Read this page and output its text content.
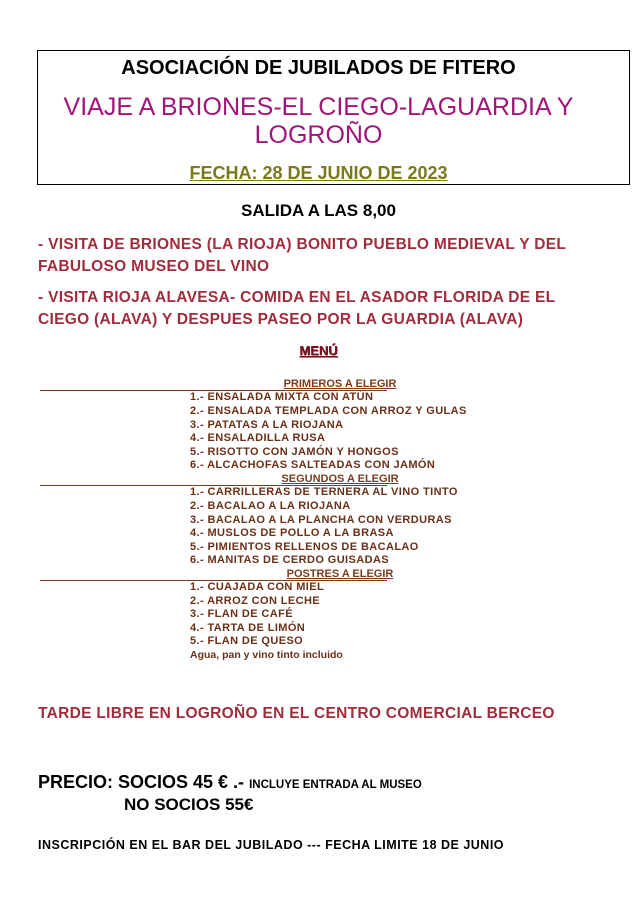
ASOCIACIÓN DE JUBILADOS DE FITERO
VIAJE A BRIONES-EL CIEGO-LAGUARDIA Y
LOGROÑO
FECHA: 28 DE JUNIO DE 2023
SALIDA A LAS 8,00
- VISITA DE BRIONES (LA RIOJA) BONITO PUEBLO MEDIEVAL Y DEL FABULOSO MUSEO DEL VINO
- VISITA RIOJA ALAVESA- COMIDA EN EL ASADOR FLORIDA DE EL CIEGO (ALAVA) Y DESPUES PASEO POR LA GUARDIA (ALAVA)
MENÚ
PRIMEROS A ELEGIR
1.- ENSALADA MIXTA CON ATÚN
2.- ENSALADA TEMPLADA CON ARROZ Y GULAS
3.- PATATAS A LA RIOJANA
4.- ENSALADILLA RUSA
5.- RISOTTO CON JAMÓN Y HONGOS
6.- ALCACHOFAS SALTEADAS CON JAMÓN
SEGUNDOS A ELEGIR
1.- CARRILLERAS DE TERNERA AL VINO TINTO
2.- BACALAO A LA RIOJANA
3.- BACALAO A LA PLANCHA CON VERDURAS
4.- MUSLOS DE POLLO A LA BRASA
5.- PIMIENTOS RELLENOS DE BACALAO
6.- MANITAS DE CERDO GUISADAS
POSTRES A ELEGIR
1.- CUAJADA CON MIEL
2.- ARROZ CON LECHE
3.- FLAN DE CAFÉ
4.- TARTA DE LIMÓN
5.- FLAN DE QUESO
Agua, pan y vino tinto incluido
TARDE LIBRE EN LOGROÑO EN EL CENTRO COMERCIAL BERCEO
PRECIO: SOCIOS 45 € .- INCLUYE ENTRADA AL MUSEO
NO SOCIOS 55€
INSCRIPCIÓN EN EL BAR DEL JUBILADO --- FECHA LIMITE 18 DE JUNIO
